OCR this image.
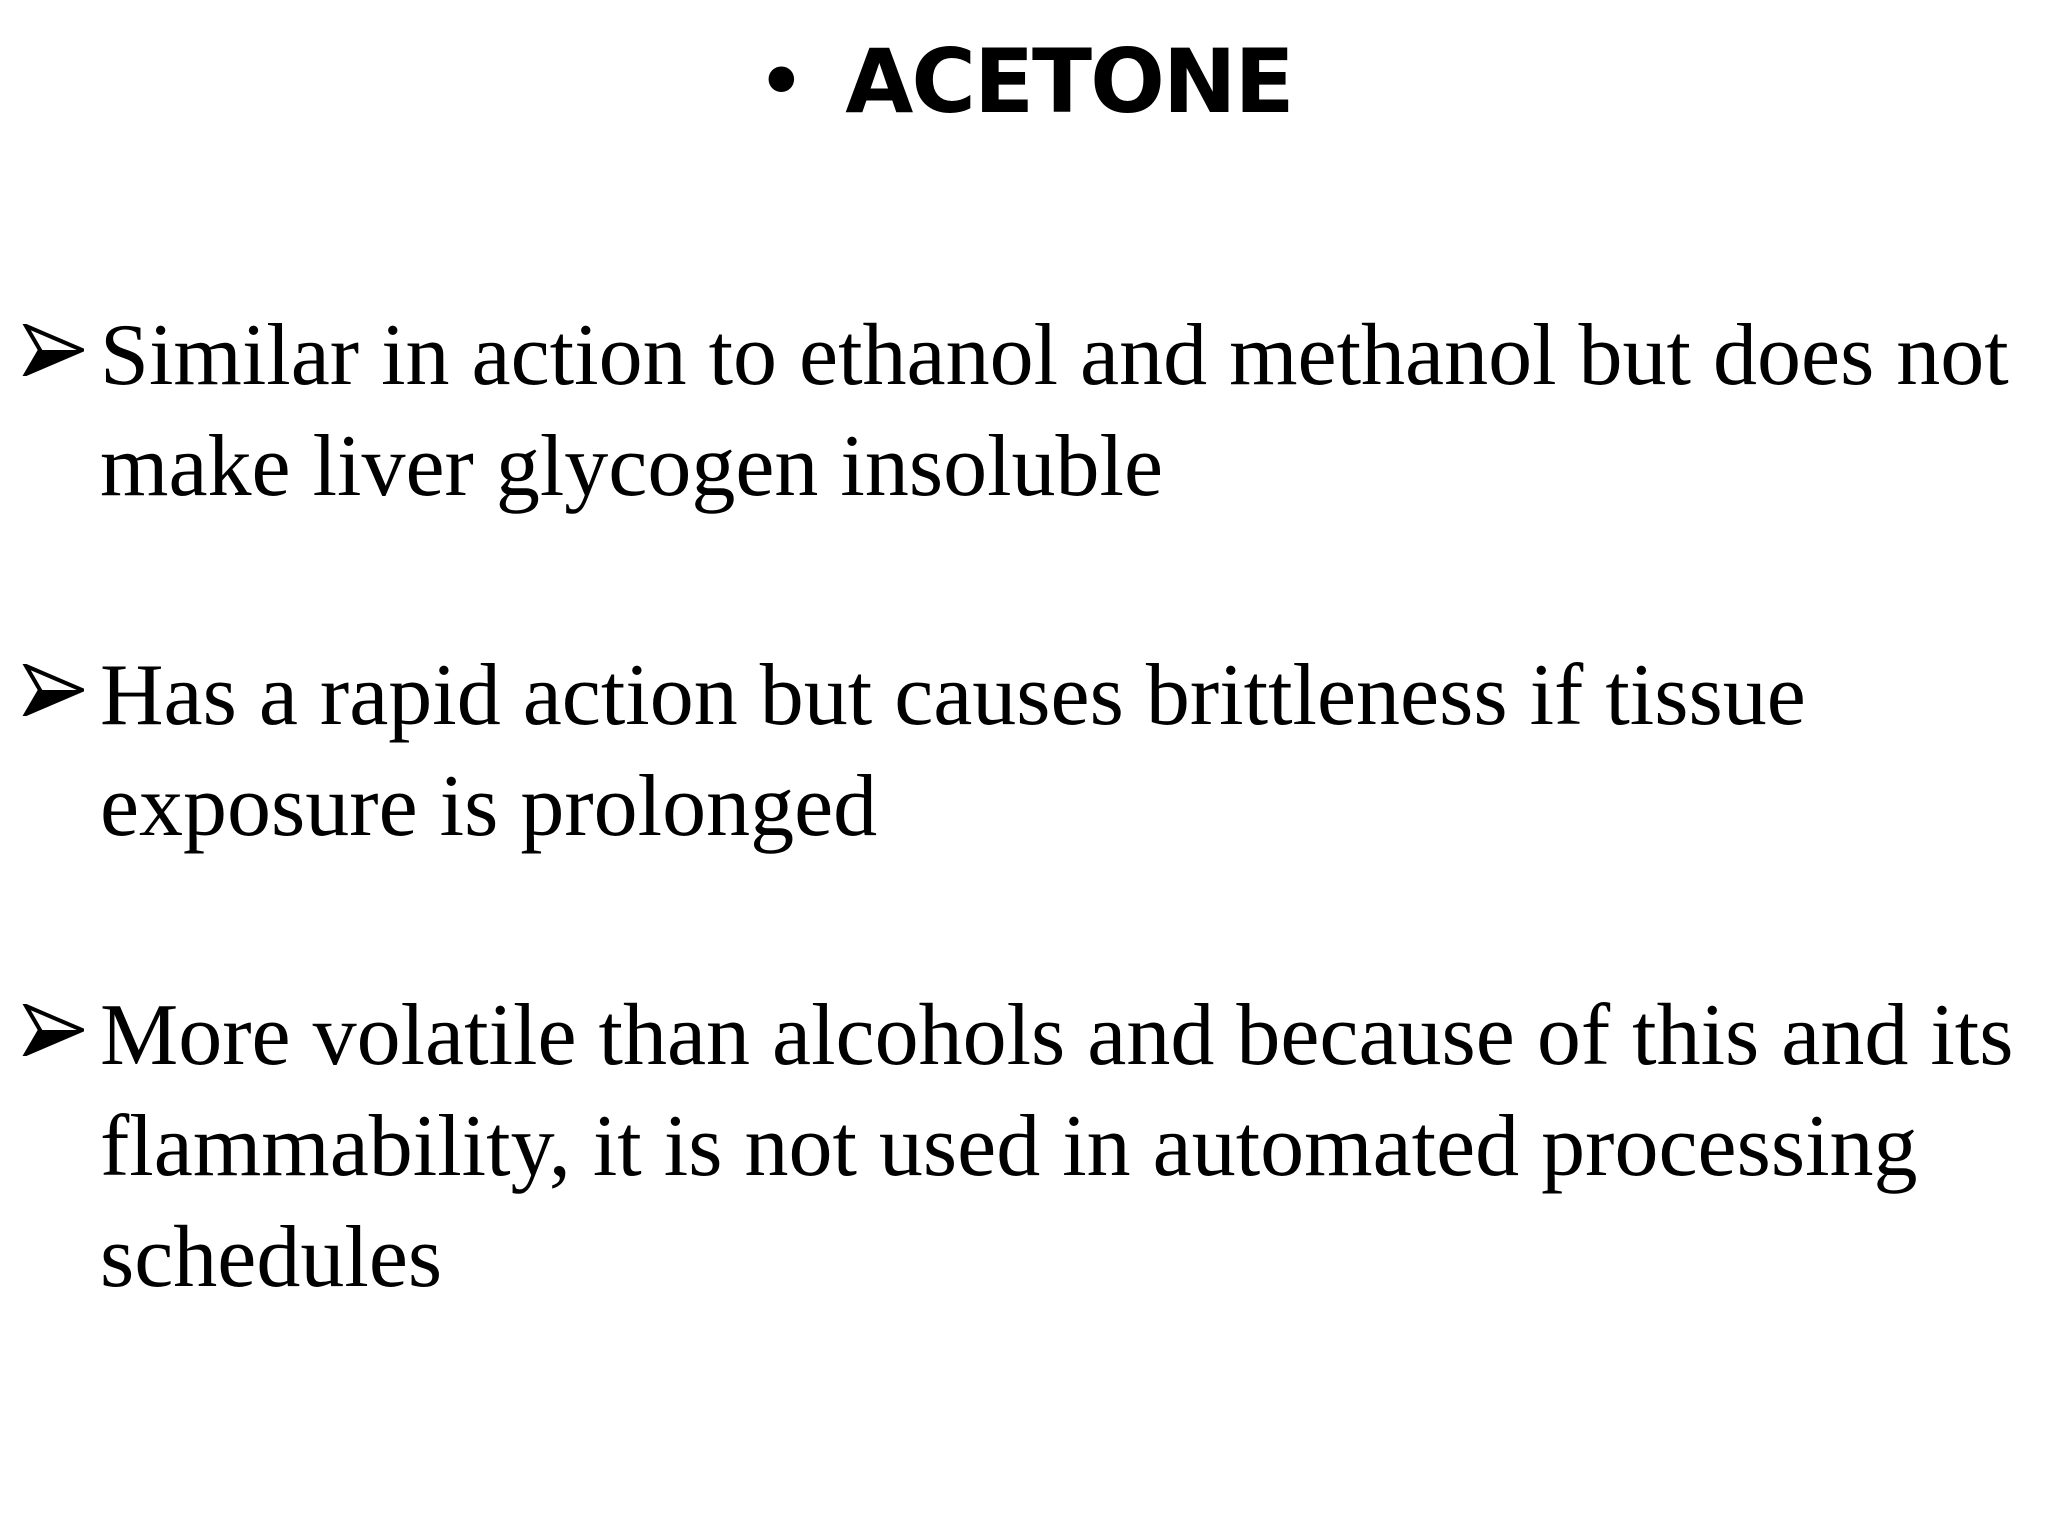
• ACETONE
Similar in action to ethanol and methanol but does not make liver glycogen insoluble
Has a rapid action but causes brittleness if tissue exposure is prolonged
More volatile than alcohols and because of this and its flammability, it is not used in automated processing schedules
